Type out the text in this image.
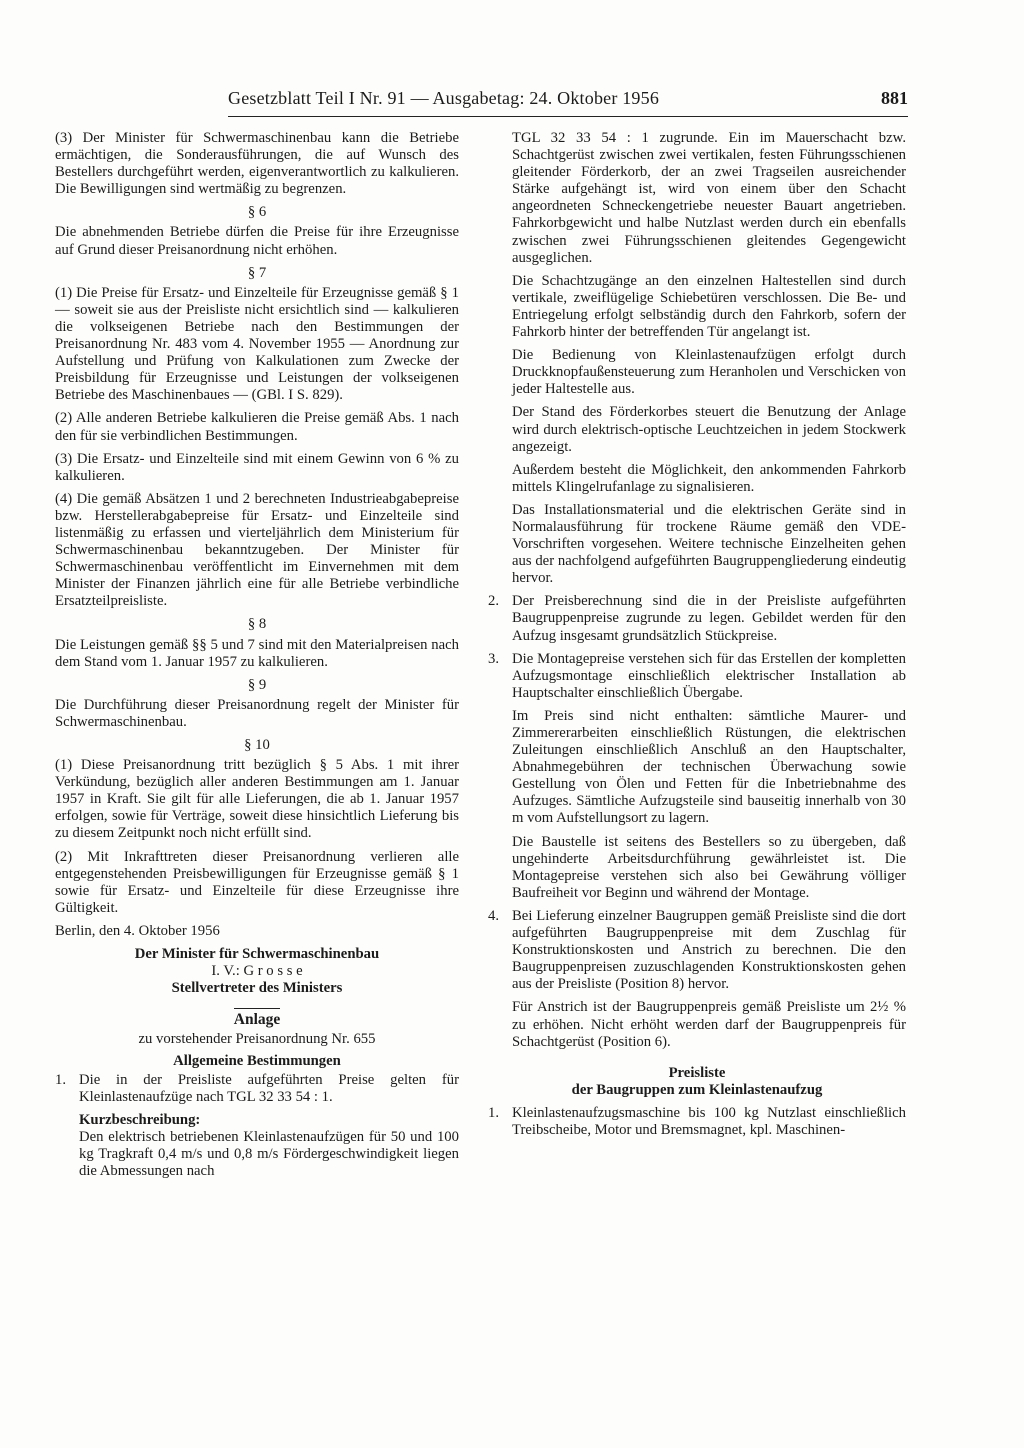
Gesetzblatt Teil I Nr. 91 — Ausgabetag: 24. Oktober 1956	881

(3) Der Minister für Schwermaschinenbau kann die Betriebe ermächtigen, die Sonderausführungen, die auf Wunsch des Bestellers durchgeführt werden, eigenverantwortlich zu kalkulieren. Die Bewilligungen sind wertmäßig zu begrenzen.

§ 6

Die abnehmenden Betriebe dürfen die Preise für ihre Erzeugnisse auf Grund dieser Preisanordnung nicht erhöhen.

§ 7

(1) Die Preise für Ersatz- und Einzelteile für Erzeugnisse gemäß § 1 — soweit sie aus der Preisliste nicht ersichtlich sind — kalkulieren die volkseigenen Betriebe nach den Bestimmungen der Preisanordnung Nr. 483 vom 4. November 1955 — Anordnung zur Aufstellung und Prüfung von Kalkulationen zum Zwecke der Preisbildung für Erzeugnisse und Leistungen der volkseigenen Betriebe des Maschinenbaues — (GBl. I S. 829).

(2) Alle anderen Betriebe kalkulieren die Preise gemäß Abs. 1 nach den für sie verbindlichen Bestimmungen.

(3) Die Ersatz- und Einzelteile sind mit einem Gewinn von 6 % zu kalkulieren.

(4) Die gemäß Absätzen 1 und 2 berechneten Industrieabgabepreise bzw. Herstellerabgabepreise für Ersatz- und Einzelteile sind listenmäßig zu erfassen und vierteljährlich dem Ministerium für Schwermaschinenbau bekanntzugeben. Der Minister für Schwermaschinenbau veröffentlicht im Einvernehmen mit dem Minister der Finanzen jährlich eine für alle Betriebe verbindliche Ersatzteilpreisliste.

§ 8

Die Leistungen gemäß §§ 5 und 7 sind mit den Materialpreisen nach dem Stand vom 1. Januar 1957 zu kalkulieren.

§ 9

Die Durchführung dieser Preisanordnung regelt der Minister für Schwermaschinenbau.

§ 10

(1) Diese Preisanordnung tritt bezüglich § 5 Abs. 1 mit ihrer Verkündung, bezüglich aller anderen Bestimmungen am 1. Januar 1957 in Kraft. Sie gilt für alle Lieferungen, die ab 1. Januar 1957 erfolgen, sowie für Verträge, soweit diese hinsichtlich Lieferung bis zu diesem Zeitpunkt noch nicht erfüllt sind.

(2) Mit Inkrafttreten dieser Preisanordnung verlieren alle entgegenstehenden Preisbewilligungen für Erzeugnisse gemäß § 1 sowie für Ersatz- und Einzelteile für diese Erzeugnisse ihre Gültigkeit.

Berlin, den 4. Oktober 1956

Der Minister für Schwermaschinenbau

I. V.: G r o s s e

Stellvertreter des Ministers

Anlage

zu vorstehender Preisanordnung Nr. 655

Allgemeine Bestimmungen

1. Die in der Preisliste aufgeführten Preise gelten für Kleinlastenaufzüge nach TGL 32 33 54 : 1.

Kurzbeschreibung:

Den elektrisch betriebenen Kleinlastenaufzügen für 50 und 100 kg Tragkraft 0,4 m/s und 0,8 m/s Fördergeschwindigkeit liegen die Abmessungen nach

TGL 32 33 54 : 1 zugrunde. Ein im Mauerschacht bzw. Schachtgerüst zwischen zwei vertikalen, festen Führungsschienen gleitender Förderkorb, der an zwei Tragseilen ausreichender Stärke aufgehängt ist, wird von einem über den Schacht angeordneten Schneckengetriebe neuester Bauart angetrieben. Fahrkorbgewicht und halbe Nutzlast werden durch ein ebenfalls zwischen zwei Führungsschienen gleitendes Gegengewicht ausgeglichen.

Die Schachtzugänge an den einzelnen Haltestellen sind durch vertikale, zweiflügelige Schiebetüren verschlossen. Die Be- und Entriegelung erfolgt selbständig durch den Fahrkorb, sofern der Fahrkorb hinter der betreffenden Tür angelangt ist.

Die Bedienung von Kleinlastenaufzügen erfolgt durch Druckknopfaußensteuerung zum Heranholen und Verschicken von jeder Haltestelle aus.

Der Stand des Förderkorbes steuert die Benutzung der Anlage wird durch elektrisch-optische Leuchtzeichen in jedem Stockwerk angezeigt.

Außerdem besteht die Möglichkeit, den ankommenden Fahrkorb mittels Klingelrufanlage zu signalisieren.

Das Installationsmaterial und die elektrischen Geräte sind in Normalausführung für trockene Räume gemäß den VDE-Vorschriften vorgesehen. Weitere technische Einzelheiten gehen aus der nachfolgend aufgeführten Baugruppengliederung eindeutig hervor.

2. Der Preisberechnung sind die in der Preisliste aufgeführten Baugruppenpreise zugrunde zu legen. Gebildet werden für den Aufzug insgesamt grundsätzlich Stückpreise.
3. Die Montagepreise verstehen sich für das Erstellen der kompletten Aufzugsmontage einschließlich elektrischer Installation ab Hauptschalter einschließlich Übergabe.

Im Preis sind nicht enthalten: sämtliche Maurer- und Zimmererarbeiten einschließlich Rüstungen, die elektrischen Zuleitungen einschließlich Anschluß an den Hauptschalter, Abnahmegebühren der technischen Überwachung sowie Gestellung von Ölen und Fetten für die Inbetriebnahme des Aufzuges. Sämtliche Aufzugsteile sind bauseitig innerhalb von 30 m vom Aufstellungsort zu lagern.

Die Baustelle ist seitens des Bestellers so zu übergeben, daß ungehinderte Arbeitsdurchführung gewährleistet ist. Die Montagepreise verstehen sich also bei Gewährung völliger Baufreiheit vor Beginn und während der Montage.

4. Bei Lieferung einzelner Baugruppen gemäß Preisliste sind die dort aufgeführten Baugruppenpreise mit dem Zuschlag für Konstruktionskosten und Anstrich zu berechnen. Die den Baugruppenpreisen zuzuschlagenden Konstruktionskosten gehen aus der Preisliste (Position 8) hervor.

Für Anstrich ist der Baugruppenpreis gemäß Preisliste um 2½ % zu erhöhen. Nicht erhöht werden darf der Baugruppenpreis für Schachtgerüst (Position 6).

Preisliste

der Baugruppen zum Kleinlastenaufzug

1. Kleinlastenaufzugsmaschine bis 100 kg Nutzlast einschließlich Treibscheibe, Motor und Bremsmagnet, kpl. Maschinen-
